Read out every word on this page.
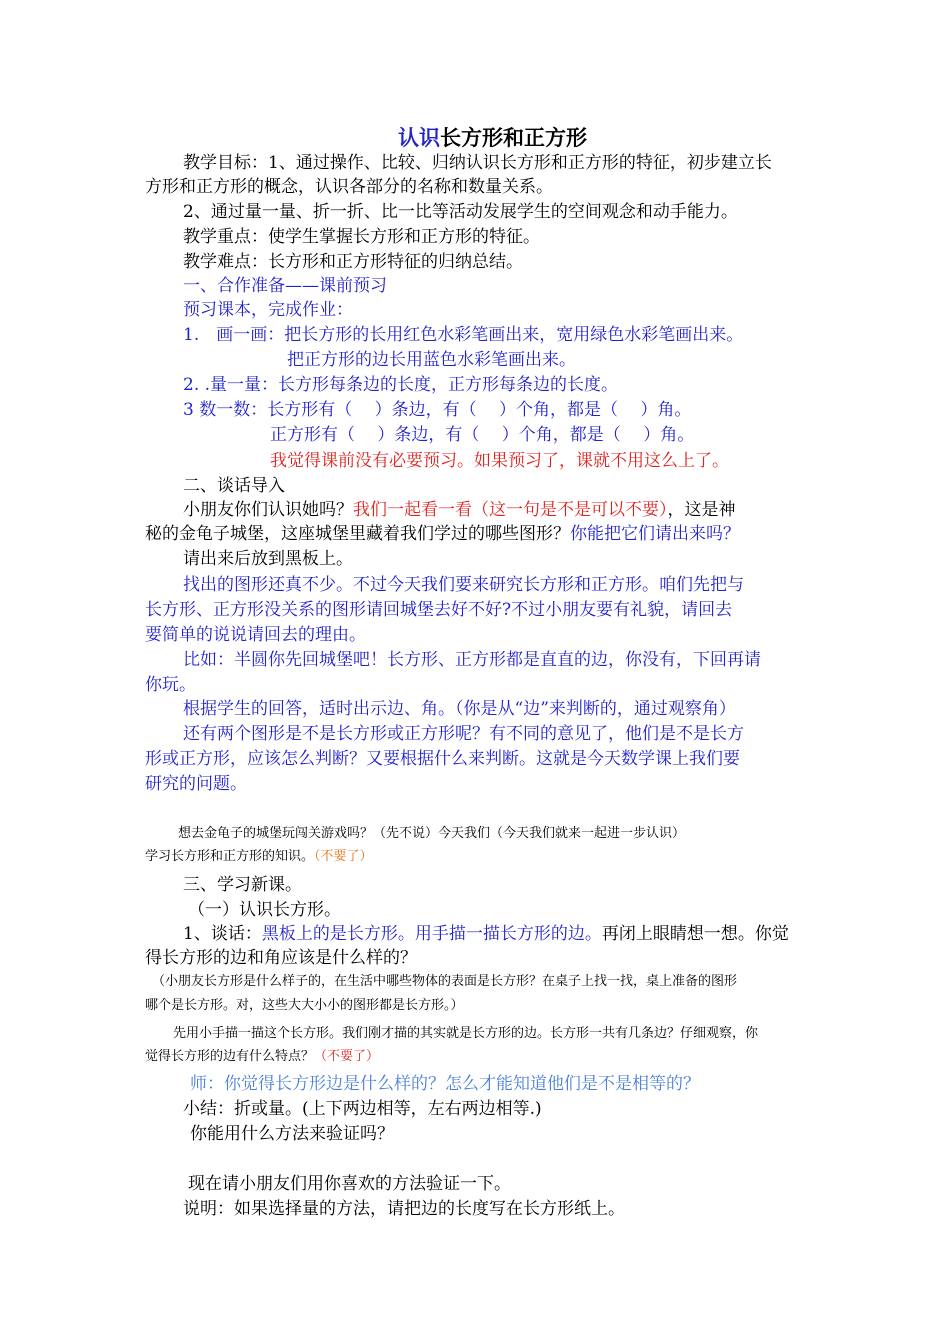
认识长方形和正方形
教学目标：1、通过操作、比较、归纳认识长方形和正方形的特征，初步建立长
方形和正方形的概念，认识各部分的名称和数量关系。
2、通过量一量、折一折、比一比等活动发展学生的空间观念和动手能力。
教学重点：使学生掌握长方形和正方形的特征。
教学难点：长方形和正方形特征的归纳总结。
一、合作准备——课前预习
预习课本，完成作业：
1.　画一画：把长方形的长用红色水彩笔画出来，宽用绿色水彩笔画出来。
把正方形的边长用蓝色水彩笔画出来。
2. .量一量：长方形每条边的长度，正方形每条边的长度。
3 数一数：长方形有（　 ）条边，有（　 ）个角，都是（　 ）角。
正方形有（　 ）条边，有（　 ）个角，都是（　 ）角。
我觉得课前没有必要预习。如果预习了，课就不用这么上了。
二、谈话导入
小朋友你们认识她吗？我们一起看一看（这一句是不是可以不要），这是神
秘的金龟子城堡，这座城堡里藏着我们学过的哪些图形？你能把它们请出来吗？
请出来后放到黑板上。
找出的图形还真不少。不过今天我们要来研究长方形和正方形。咱们先把与
长方形、正方形没关系的图形请回城堡去好不好?不过小朋友要有礼貌，请回去
要简单的说说请回去的理由。
比如：半圆你先回城堡吧！长方形、正方形都是直直的边，你没有，下回再请
你玩。
根据学生的回答，适时出示边、角。（你是从“边”来判断的，通过观察角）
还有两个图形是不是长方形或正方形呢？有不同的意见了，他们是不是长方
形或正方形，应该怎么判断？又要根据什么来判断。这就是今天数学课上我们要
研究的问题。
想去金龟子的城堡玩闯关游戏吗？（先不说）今天我们（今天我们就来一起进一步认识）
学习长方形和正方形的知识。（不要了）
三、学习新课。
（一）认识长方形。
1、谈话：黑板上的是长方形。用手描一描长方形的边。再闭上眼睛想一想。你觉
得长方形的边和角应该是什么样的？
（小朋友长方形是什么样子的，在生活中哪些物体的表面是长方形？在桌子上找一找，桌上准备的图形
哪个是长方形。对，这些大大小小的图形都是长方形。）
先用小手描一描这个长方形。我们刚才描的其实就是长方形的边。长方形一共有几条边？仔细观察，你
觉得长方形的边有什么特点？（不要了）
师：你觉得长方形边是什么样的？怎么才能知道他们是不是相等的？
小结：折或量。(上下两边相等，左右两边相等.)
你能用什么方法来验证吗？
现在请小朋友们用你喜欢的方法验证一下。
说明：如果选择量的方法，请把边的长度写在长方形纸上。
